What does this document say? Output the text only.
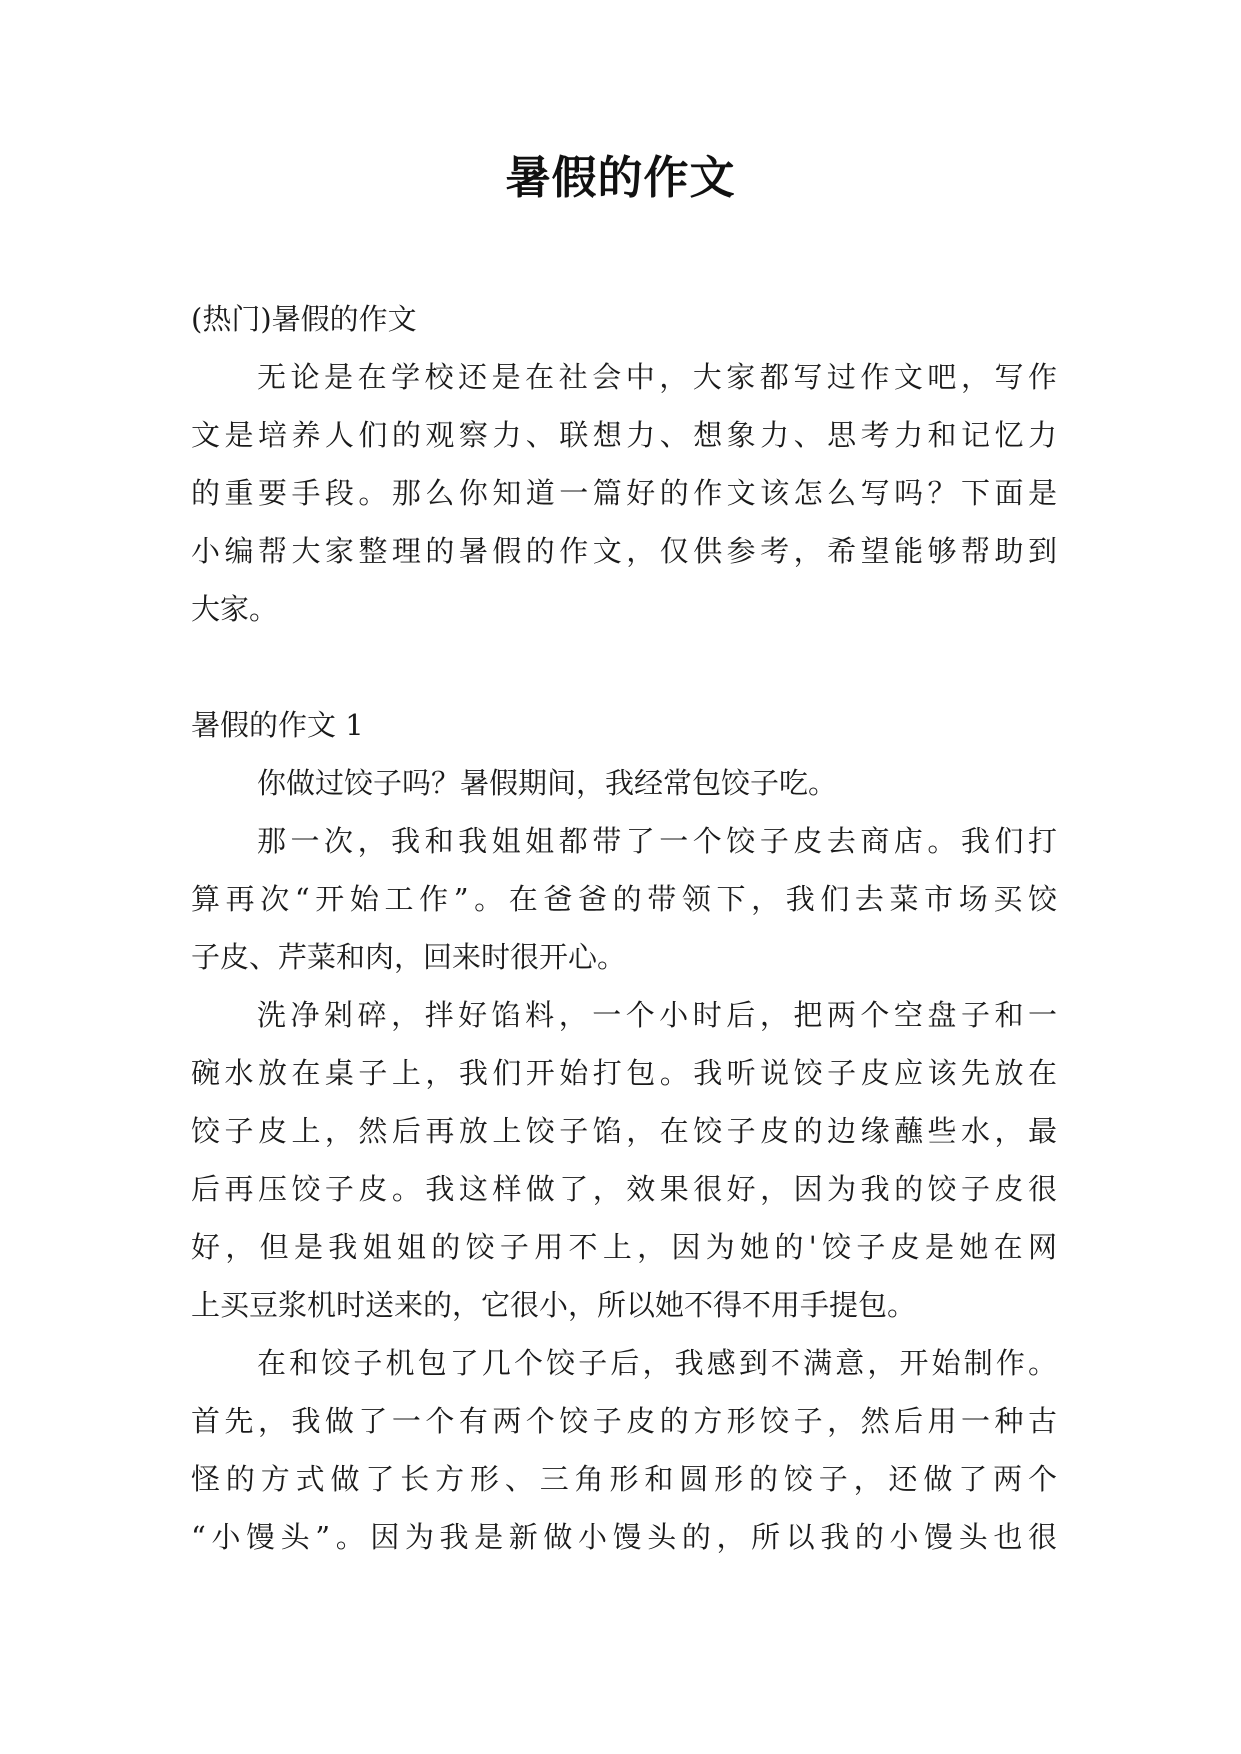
暑假的作文
(热门)暑假的作文
无论是在学校还是在社会中，大家都写过作文吧，写作
文是培养人们的观察力、联想力、想象力、思考力和记忆力
的重要手段。那么你知道一篇好的作文该怎么写吗？下面是
小编帮大家整理的暑假的作文，仅供参考，希望能够帮助到
大家。
暑假的作文 1
你做过饺子吗？暑假期间，我经常包饺子吃。
那一次，我和我姐姐都带了一个饺子皮去商店。我们打
算再次“开始工作”。在爸爸的带领下，我们去菜市场买饺
子皮、芹菜和肉，回来时很开心。
洗净剁碎，拌好馅料，一个小时后，把两个空盘子和一
碗水放在桌子上，我们开始打包。我听说饺子皮应该先放在
饺子皮上，然后再放上饺子馅，在饺子皮的边缘蘸些水，最
后再压饺子皮。我这样做了，效果很好，因为我的饺子皮很
好，但是我姐姐的饺子用不上，因为她的'饺子皮是她在网
上买豆浆机时送来的，它很小，所以她不得不用手提包。
在和饺子机包了几个饺子后，我感到不满意，开始制作。
首先，我做了一个有两个饺子皮的方形饺子，然后用一种古
怪的方式做了长方形、三角形和圆形的饺子，还做了两个
“小馒头”。因为我是新做小馒头的，所以我的小馒头也很
